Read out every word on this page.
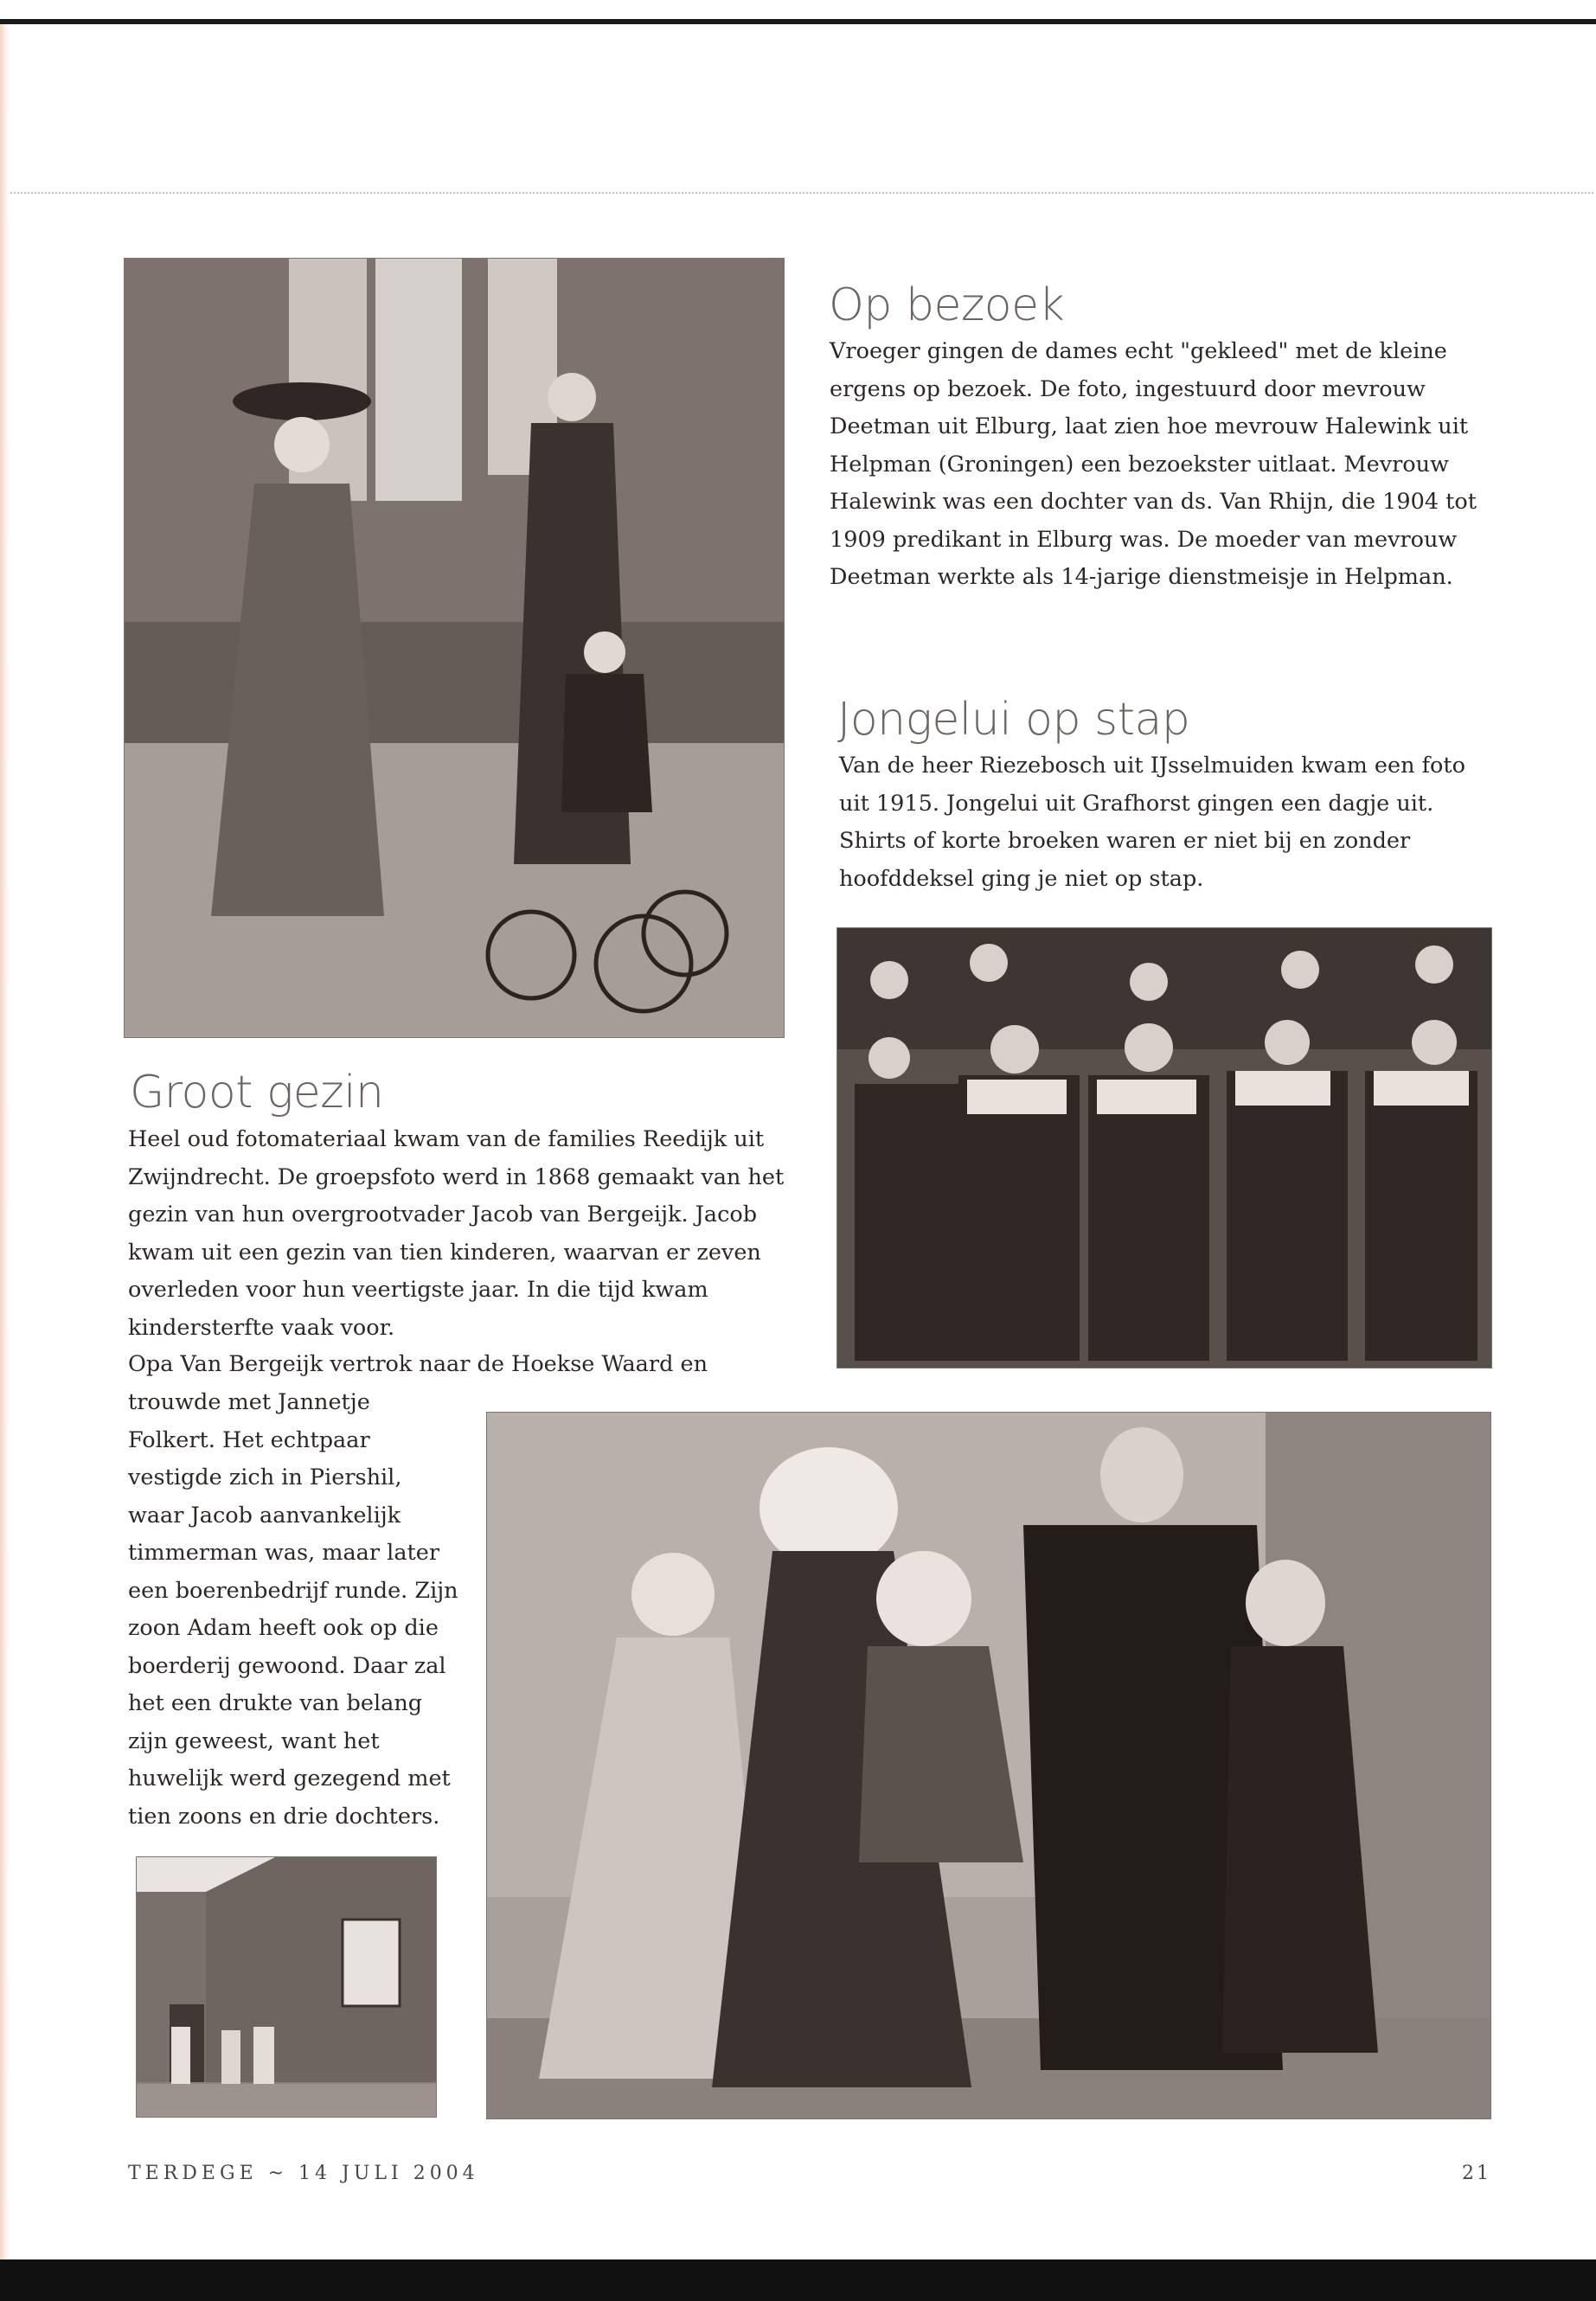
Op bezoek

Vroeger gingen de dames echt "gekleed" met de kleine ergens op bezoek. De foto, ingestuurd door mevrouw Deetman uit Elburg, laat zien hoe mevrouw Halewink uit Helpman (Groningen) een bezoekster uitlaat. Mevrouw Halewink was een dochter van ds. Van Rhijn, die 1904 tot 1909 predikant in Elburg was. De moeder van mevrouw Deetman werkte als 14-jarige dienstmeisje in Helpman.

Jongelui op stap

Van de heer Riezebosch uit IJsselmuiden kwam een foto uit 1915. Jongelui uit Grafhorst gingen een dagje uit. Shirts of korte broeken waren er niet bij en zonder hoofddeksel ging je niet op stap.

Groot gezin

Heel oud fotomateriaal kwam van de families Reedijk uit Zwijndrecht. De groepsfoto werd in 1868 gemaakt van het gezin van hun overgrootvader Jacob van Bergeijk. Jacob kwam uit een gezin van tien kinderen, waarvan er zeven overleden voor hun veertigste jaar. In die tijd kwam kindersterfte vaak voor.

Opa Van Bergeijk vertrok naar de Hoekse Waard en

trouwde met Jannetje Folkert. Het echtpaar vestigde zich in Piershil, waar Jacob aanvankelijk timmerman was, maar later een boerenbedrijf runde. Zijn zoon Adam heeft ook op die boerderij gewoond. Daar zal het een drukte van belang zijn geweest, want het huwelijk werd gezegend met tien zoons en drie dochters.

TERDEGE ~ 14 JULI 2004	21
